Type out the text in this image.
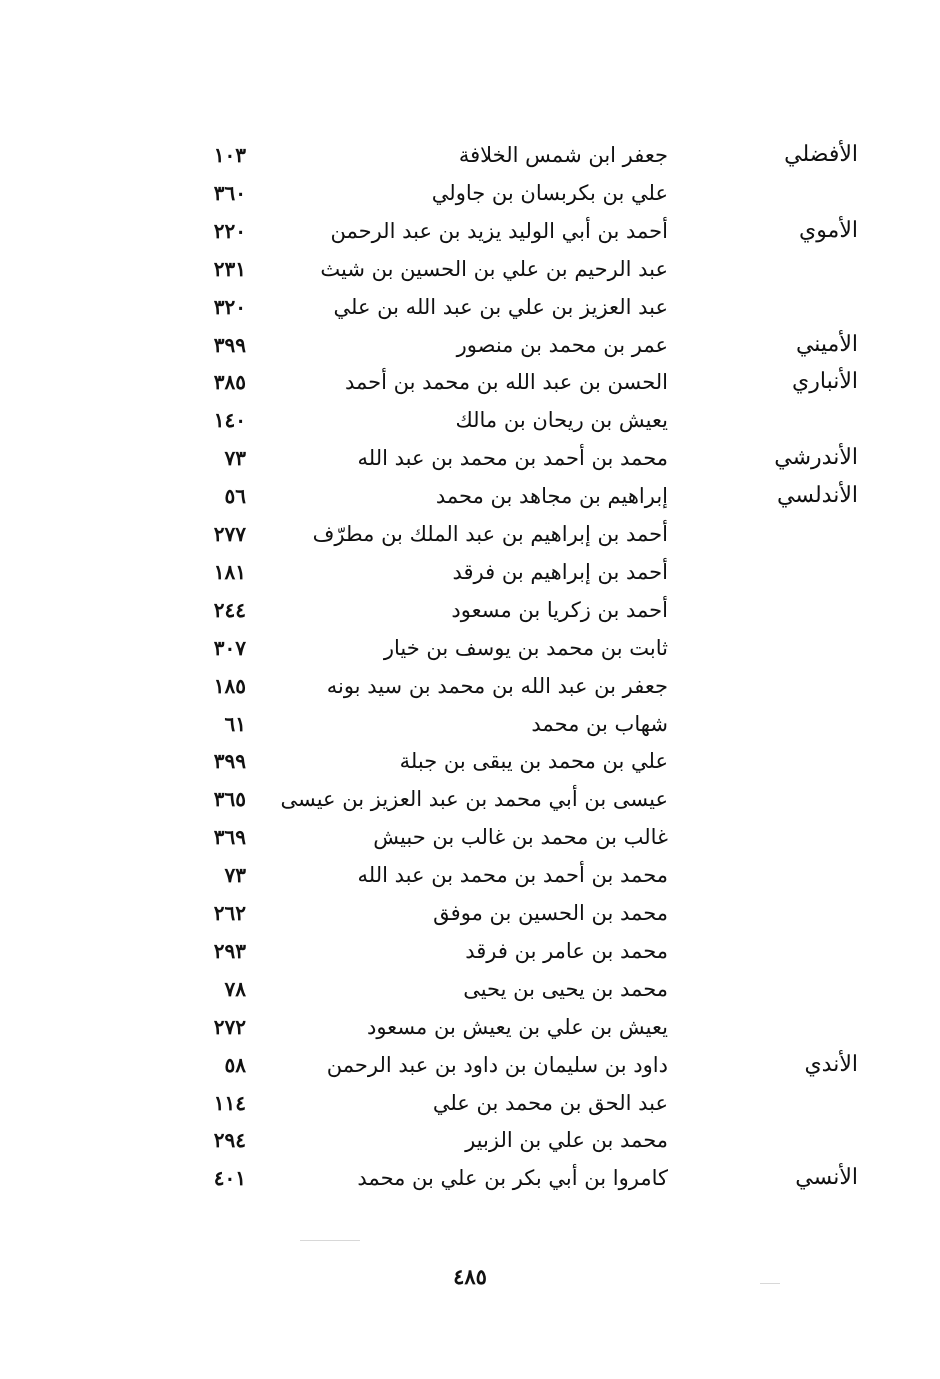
الأفضلي
جعفر ابن شمس الخلافة
١٠٣
علي بن بكربسان بن جاولي
٣٦٠
الأموي
أحمد بن أبي الوليد يزيد بن عبد الرحمن
٢٢٠
عبد الرحيم بن علي بن الحسين بن شيث
٢٣١
عبد العزيز بن علي بن عبد الله بن علي
٣٢٠
الأميني
عمر بن محمد بن منصور
٣٩٩
الأنباري
الحسن بن عبد الله بن محمد بن أحمد
٣٨٥
يعيش بن ريحان بن مالك
١٤٠
الأندرشي
محمد بن أحمد بن محمد بن عبد الله
٧٣
الأندلسي
إبراهيم بن مجاهد بن محمد
٥٦
أحمد بن إبراهيم بن عبد الملك بن مطرّف
٢٧٧
أحمد بن إبراهيم بن فرقد
١٨١
أحمد بن زكريا بن مسعود
٢٤٤
ثابت بن محمد بن يوسف بن خيار
٣٠٧
جعفر بن عبد الله بن محمد بن سيد بونه
١٨٥
شهاب بن محمد
٦١
علي بن محمد بن يبقى بن جبلة
٣٩٩
عيسى بن أبي محمد بن عبد العزيز بن عيسى
٣٦٥
غالب بن محمد بن غالب بن حبيش
٣٦٩
محمد بن أحمد بن محمد بن عبد الله
٧٣
محمد بن الحسين بن موفق
٢٦٢
محمد بن عامر بن فرقد
٢٩٣
محمد بن يحيى بن يحيى
٧٨
يعيش بن علي بن يعيش بن مسعود
٢٧٢
الأندي
داود بن سليمان بن داود بن عبد الرحمن
٥٨
عبد الحق بن محمد بن علي
١١٤
محمد بن علي بن الزبير
٢٩٤
الأنسي
كامروا بن أبي بكر بن علي بن محمد
٤٠١
٤٨٥
